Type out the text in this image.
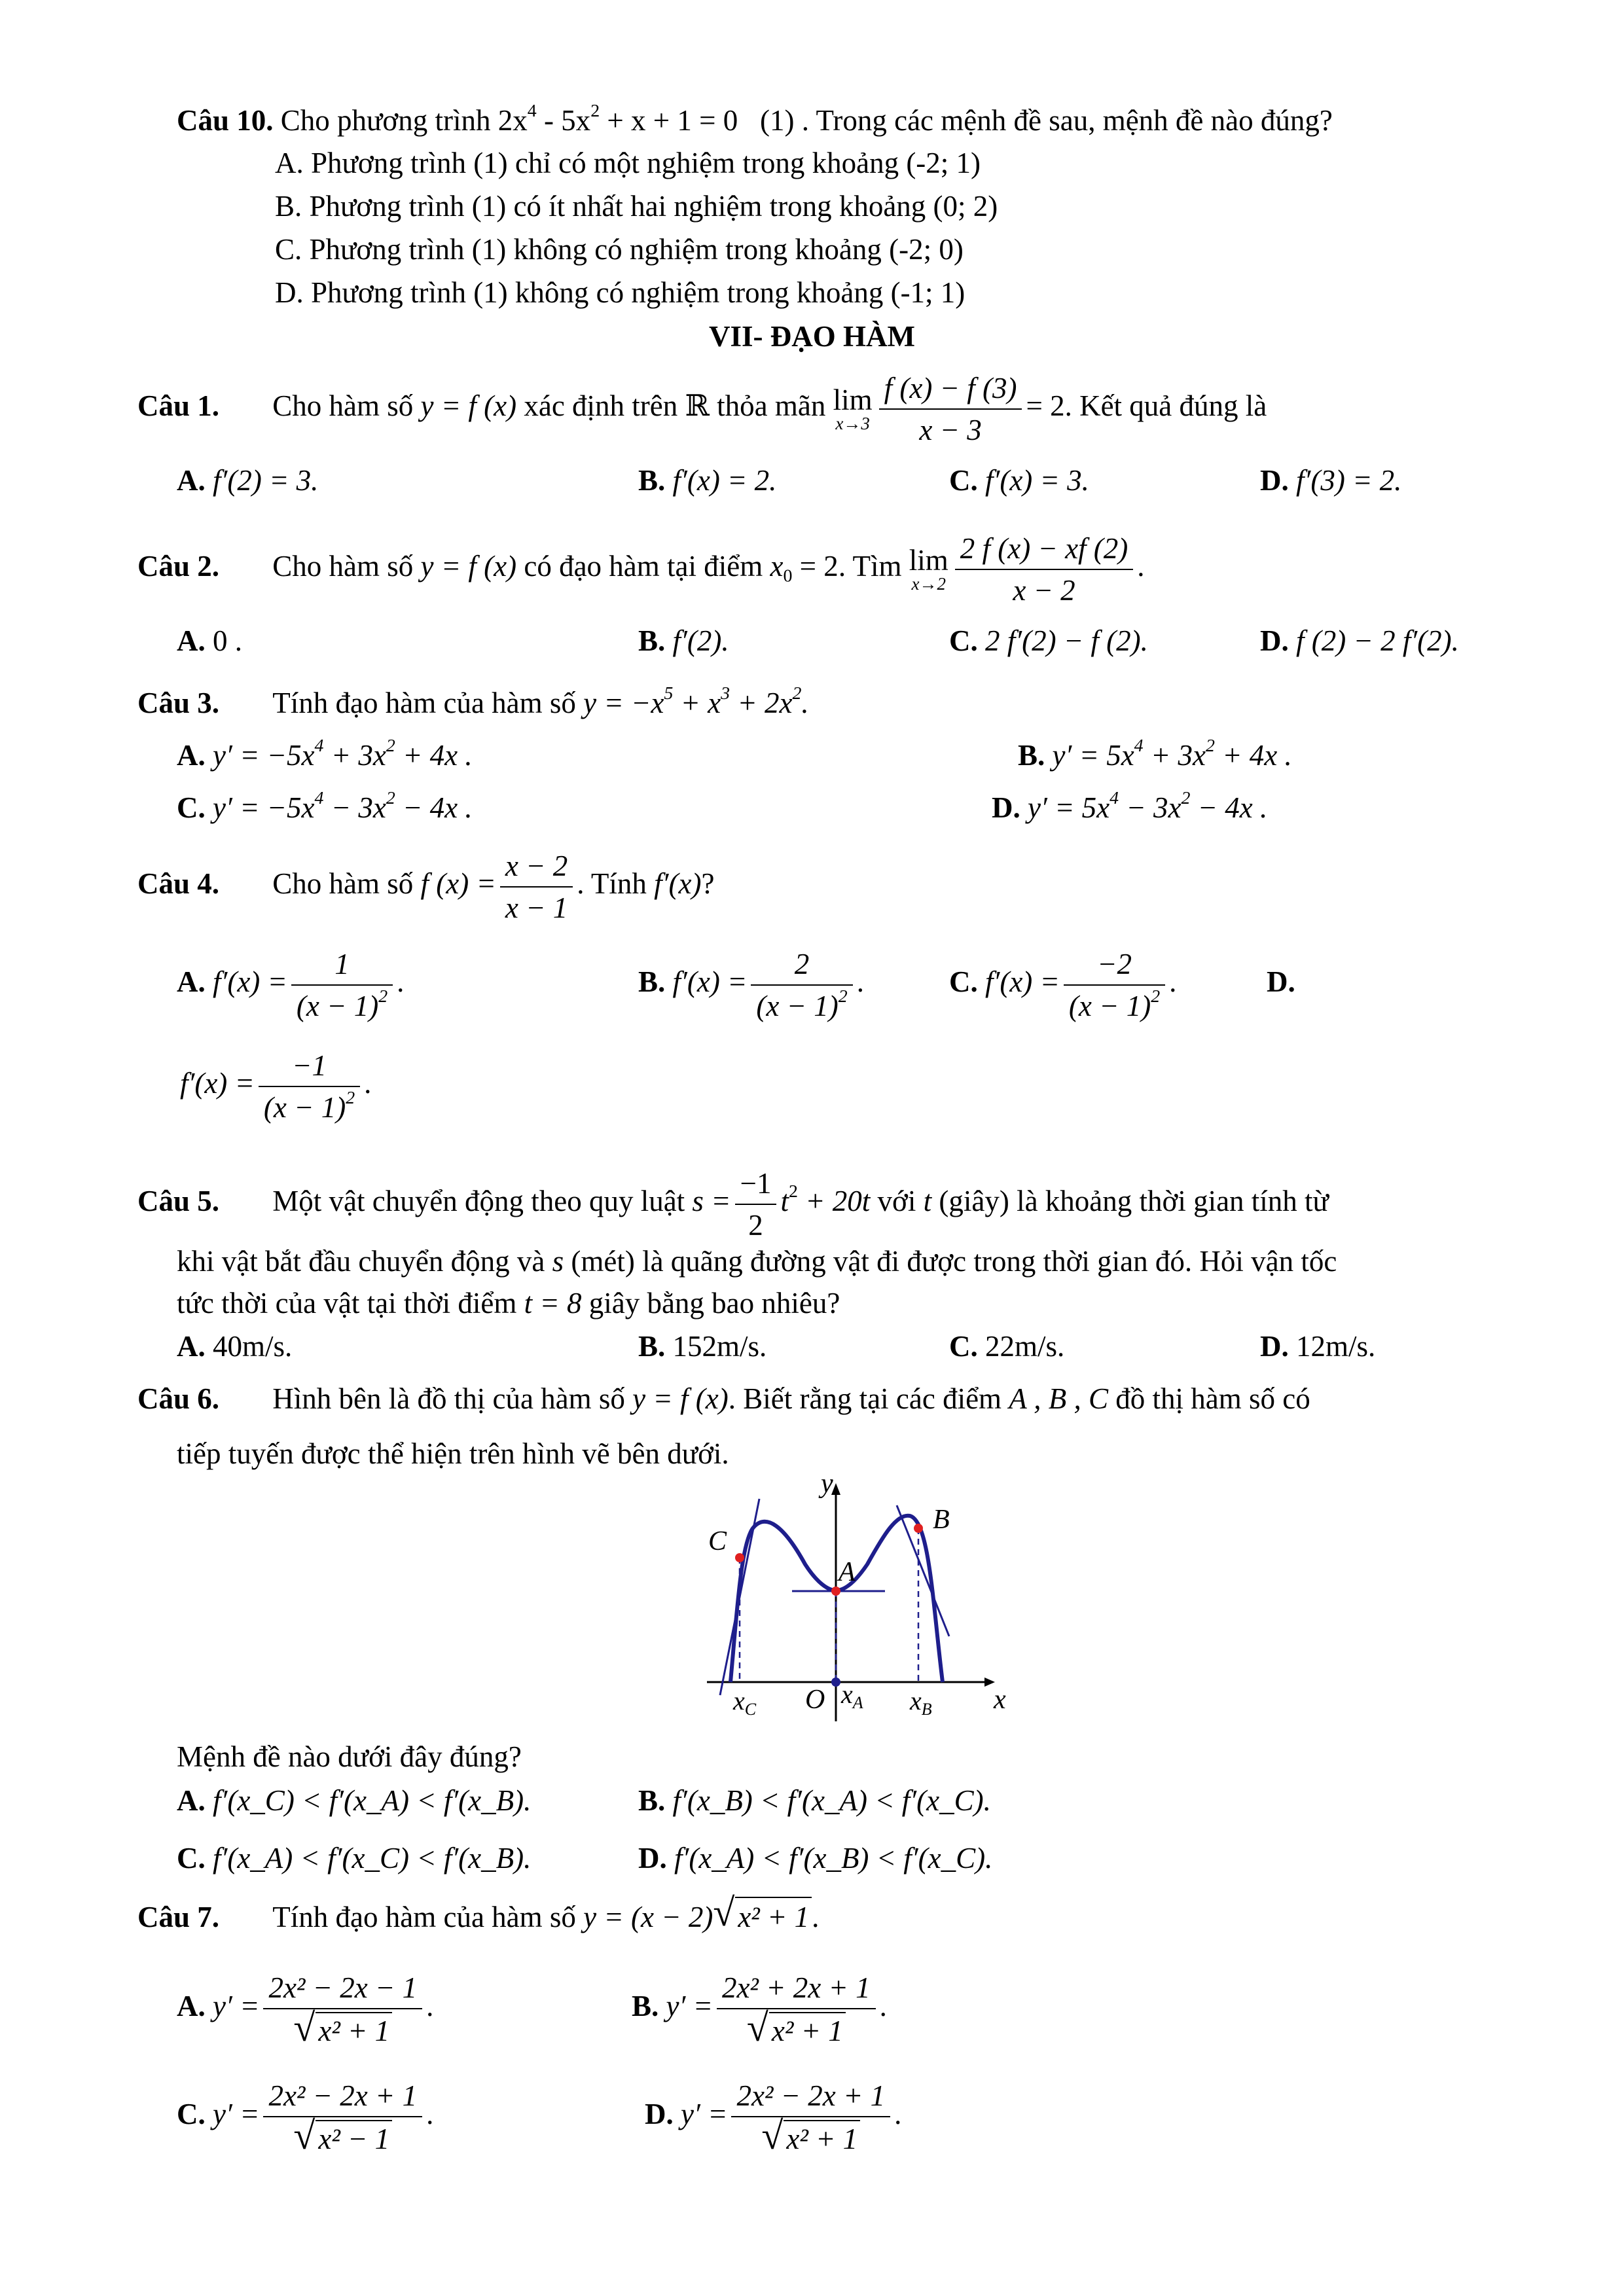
Câu 10. Cho phương trình $2x^4 - 5x^2 + x + 1 = 0$ (1) . Trong các mệnh đề sau, mệnh đề nào đúng?
A. Phương trình (1) chỉ có một nghiệm trong khoảng (-2; 1)
B. Phương trình (1) có ít nhất hai nghiệm trong khoảng (0; 2)
C. Phương trình (1) không có nghiệm trong khoảng (-2; 0)
D. Phương trình (1) không có nghiệm trong khoảng (-1; 1)
VII- ĐẠO HÀM
Câu 1. Cho hàm số y = f (x) xác định trên ℝ thỏa mãn lim
$x\to 3 \frac{f (x) - f (3)}{x - 3} = 2$. Kết quả đúng là
A. f′(2) = 3.	B. f′(x) = 2.	C. f′(x) = 3.	D. f′(3) = 2.
Câu 2. Cho hàm số y = f (x) có đạo hàm tại điểm $x_0 = 2$. Tìm lim
$x\to 2 \frac{2 f (x) - xf (2)}{x - 2}$ .
A. 0 .	B. f′(2).	C. 2 f′(2) − f (2).	D. f (2) − 2 f′(2).
Câu 3. Tính đạo hàm của hàm số $y = -x^5 + x^3 + 2x^2$.
A. $y' = -5x^4 + 3x^2 + 4x$ .	B. $y' = 5x^4 + 3x^2 + 4x$ .
C. $y' = -5x^4 - 3x^2 - 4x$ .	D. $y' = 5x^4 - 3x^2 - 4x$ .
Câu 4. Cho hàm số f $(x) = \frac{x - 2}{x - 1}$ . Tính f′(x)?
A. $f'(x) = \frac{1}{(x - 1)^2}$ .	B. $f'(x) = \frac{2}{(x - 1)^2}$ .	C. $f'(x) = \frac{-2}{(x - 1)^2}$ .	D.
$f'(x) = \frac{-1}{(x - 1)^2}$ .
Câu 5. Một vật chuyển động theo quy luật $s = \frac{-1}{2} t^2 + 20t$ với t (giây) là khoảng thời gian tính từ
khi vật bắt đầu chuyển động và s (mét) là quãng đường vật đi được trong thời gian đó. Hỏi vận tốc
tức thời của vật tại thời điểm t = 8 giây bằng bao nhiêu?
A. 40m/s.	B. 152m/s.	C. 22m/s.	D. 12m/s.
Câu 6. Hình bên là đồ thị của hàm số y = f (x). Biết rằng tại các điểm A , B , C đồ thị hàm số có
tiếp tuyến được thể hiện trên hình vẽ bên dưới.
y
x
O
C
A
B
$x_C$
$x_A$ $x_B$
Mệnh đề nào dưới đây đúng?
A. f′(x_C) < f′(x_A) < f′(x_B).	B. f′(x_B) < f′(x_A) < f′(x_C).
C. f′(x_A) < f′(x_C) < f′(x_B).	D. f′(x_A) < f′(x_B) < f′(x_C).
Câu 7. Tính đạo hàm của hàm số y = (x − 2)√ x² + 1.
A. y′ = 2x² − 2x − 1
√ x² + 1 .	B. y′ = 2x² + 2x + 1
√ x² + 1 .
C. y′ = 2x² − 2x + 1
√ x² − 1 .	D. y′ = 2x² − 2x + 1
√ x² + 1 .
